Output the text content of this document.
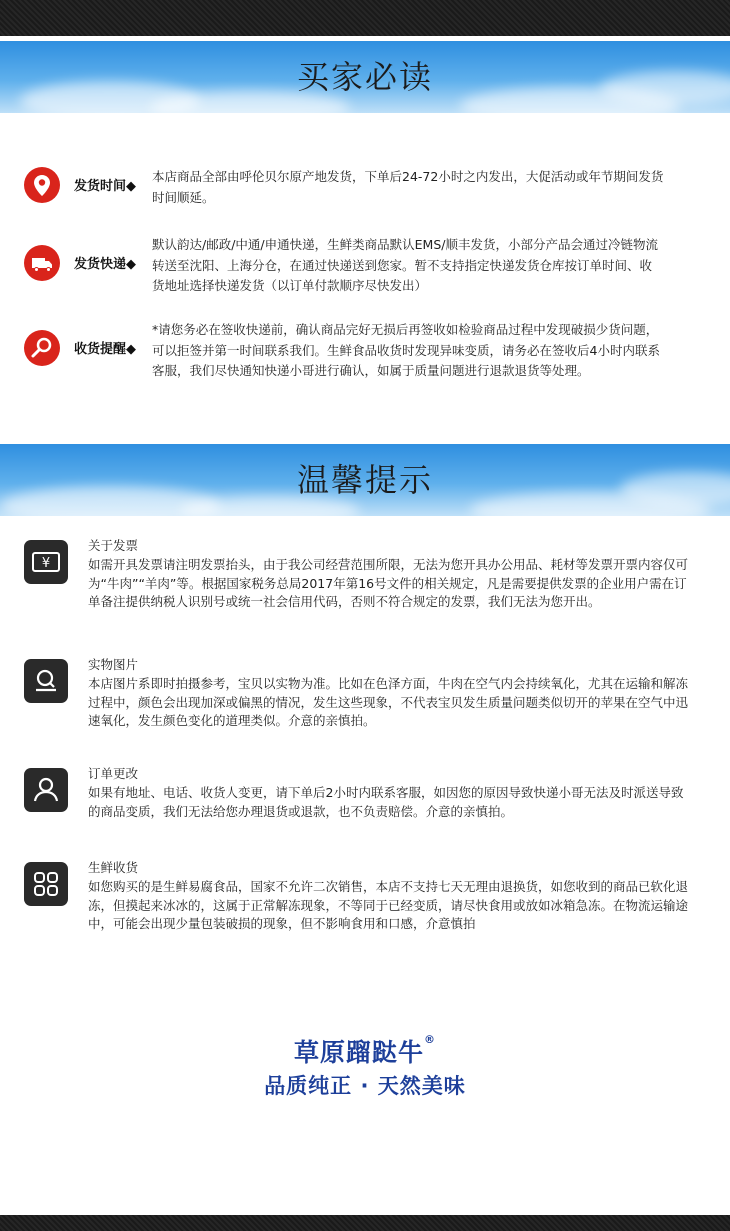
买家必读
发货时间◆
本店商品全部由呼伦贝尔原产地发货，下单后24-72小时之内发出，大促活动或年节期间发货时间顺延。
发货快递◆
默认韵达/邮政/中通/申通快递，生鲜类商品默认EMS/顺丰发货，小部分产品会通过冷链物流转送至沈阳、上海分仓，在通过快递送到您家。暂不支持指定快递发货仓库按订单时间、收货地址选择快递发货（以订单付款顺序尽快发出）
收货提醒◆
*请您务必在签收快递前，确认商品完好无损后再签收如检验商品过程中发现破损少货问题，可以拒签并第一时间联系我们。生鲜食品收货时发现异味变质，请务必在签收后4小时内联系客服，我们尽快通知快递小哥进行确认，如属于质量问题进行退款退货等处理。
温馨提示
¥
关于发票
如需开具发票请注明发票抬头，由于我公司经营范围所限，无法为您开具办公用品、耗材等发票开票内容仅可为“牛肉”“羊肉”等。根据国家税务总局2017年第16号文件的相关规定，凡是需要提供发票的企业用户需在订单备注提供纳税人识别号或统一社会信用代码，否则不符合规定的发票，我们无法为您开出。
实物图片
本店图片系即时拍摄参考，宝贝以实物为准。比如在色泽方面，牛肉在空气内会持续氧化，尤其在运输和解冻过程中，颜色会出现加深或偏黑的情况，发生这些现象，不代表宝贝发生质量问题类似切开的苹果在空气中迅速氧化，发生颜色变化的道理类似。介意的亲慎拍。
订单更改
如果有地址、电话、收货人变更，请下单后2小时内联系客服，如因您的原因导致快递小哥无法及时派送导致的商品变质，我们无法给您办理退货或退款，也不负责赔偿。介意的亲慎拍。
生鲜收货
如您购买的是生鲜易腐食品，国家不允许二次销售，本店不支持七天无理由退换货，如您收到的商品已软化退冻，但摸起来冰冰的，这属于正常解冻现象，不等同于已经变质，请尽快食用或放如冰箱急冻。在物流运输途中，可能会出现少量包装破损的现象，但不影响食用和口感，介意慎拍
草原蹓跶牛®
品质纯正 · 天然美味
